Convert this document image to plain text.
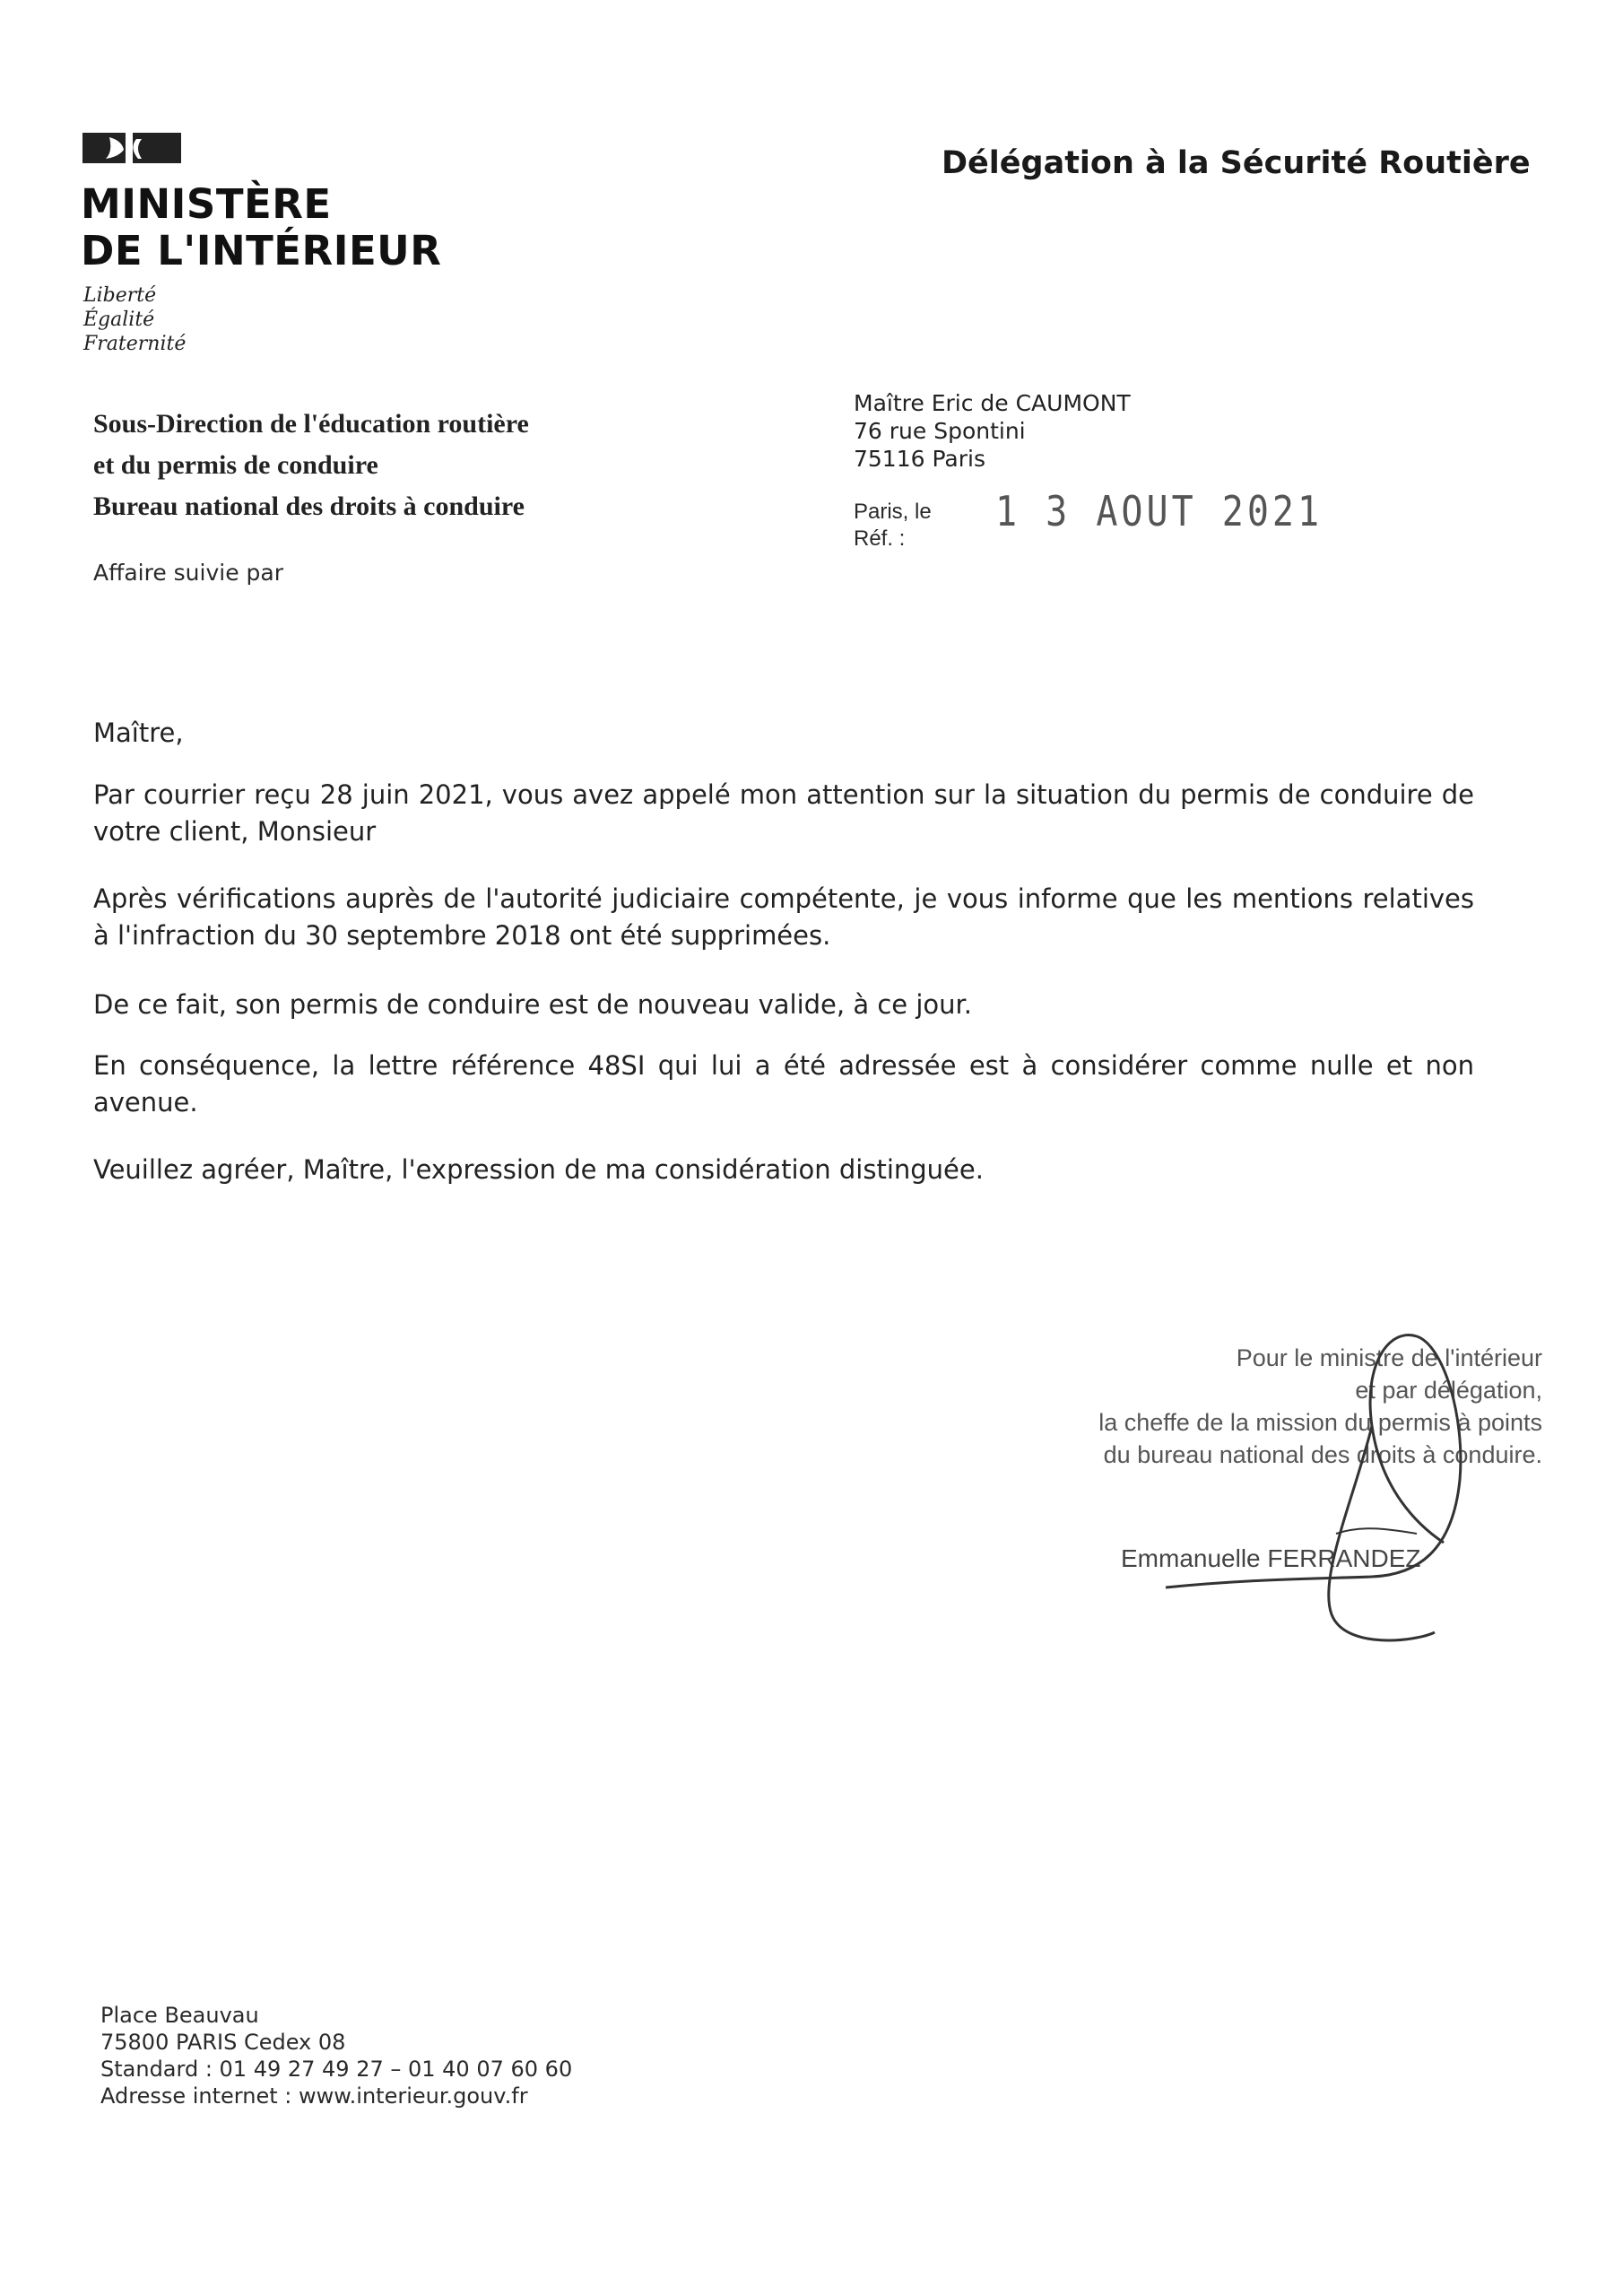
MINISTÈRE
DE L'INTÉRIEUR
Liberté
Égalité
Fraternité
Délégation à la Sécurité Routière
Sous-Direction de l'éducation routière
et du permis de conduire
Bureau national des droits à conduire
Affaire suivie par
Maître Eric de CAUMONT
76 rue Spontini
75116 Paris
Paris, le
Réf. :
1 3 AOUT 2021
Maître,
Par courrier reçu 28 juin 2021, vous avez appelé mon attention sur la situation du permis de conduire de votre client, Monsieur
Après vérifications auprès de l'autorité judiciaire compétente, je vous informe que les mentions relatives à l'infraction du 30 septembre 2018 ont été supprimées.
De ce fait, son permis de conduire est de nouveau valide, à ce jour.
En conséquence, la lettre référence 48SI qui lui a été adressée est à considérer comme nulle et non avenue.
Veuillez agréer, Maître, l'expression de ma considération distinguée.
Pour le ministre de l'intérieur
et par délégation,
la cheffe de la mission du permis à points
du bureau national des droits à conduire.
Emmanuelle FERRANDEZ
Place Beauvau
75800 PARIS Cedex 08
Standard : 01 49 27 49 27 – 01 40 07 60 60
Adresse internet : www.interieur.gouv.fr
